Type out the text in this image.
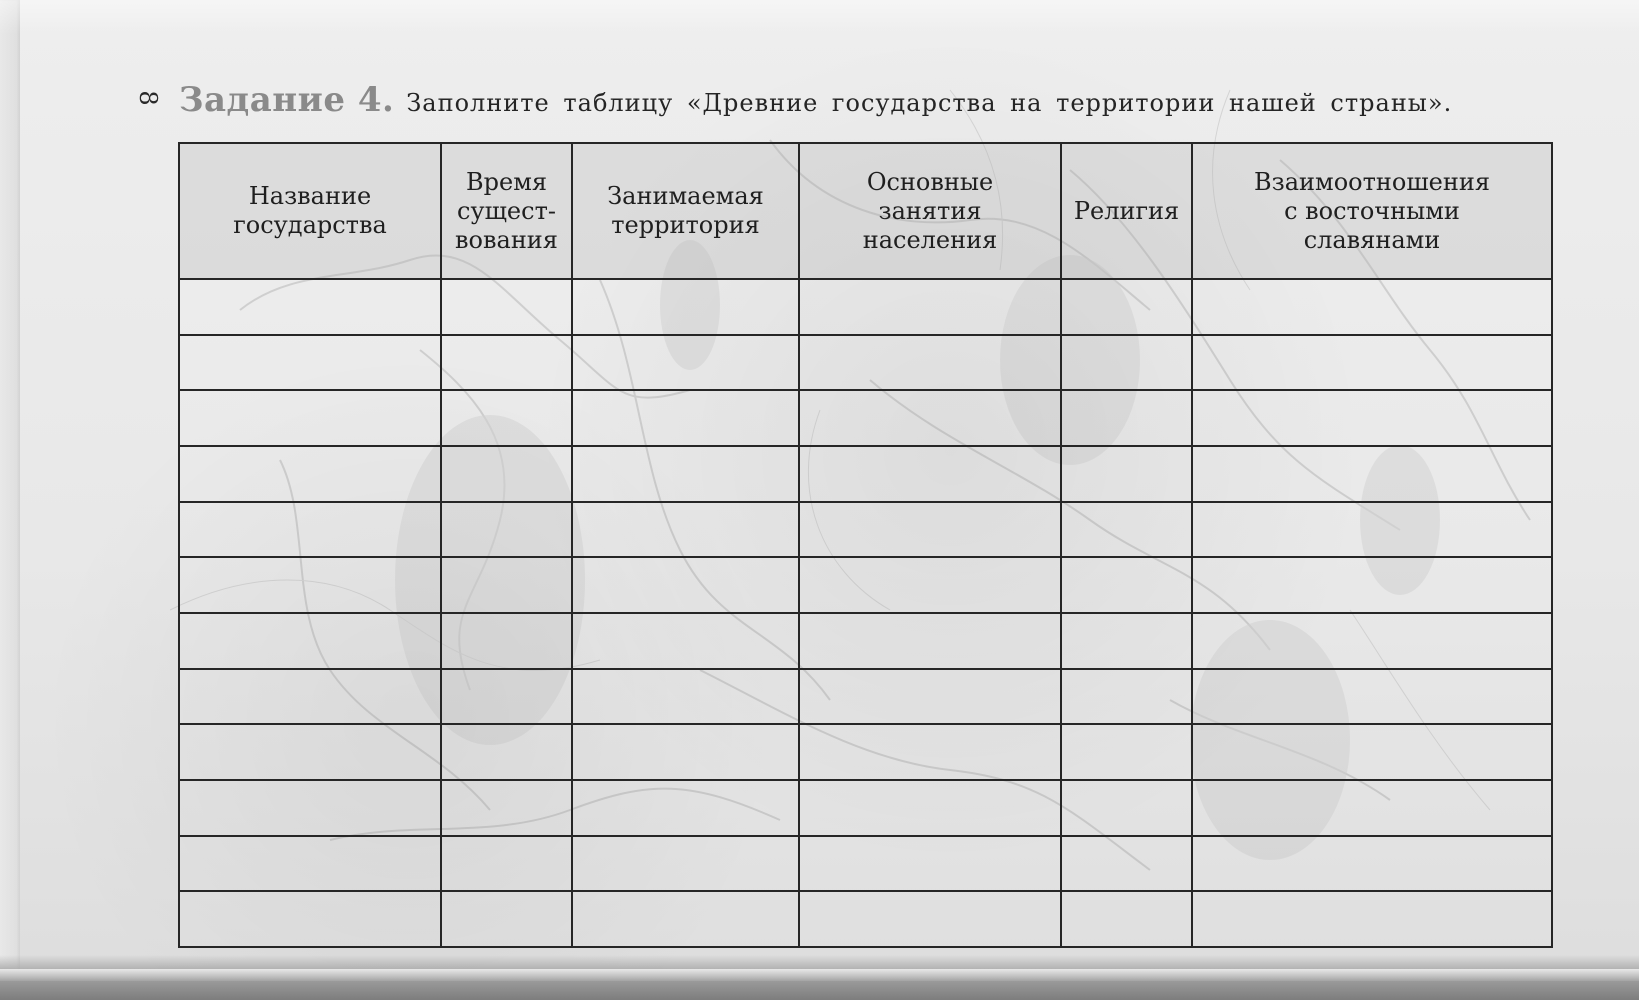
8 Задание 4. Заполните таблицу «Древние государства на территории нашей страны».
Название
государства	Время
сущест-
вования	Занимаемая
территория	Основные
занятия
населения	Религия	Взаимоотношения
с восточными
славянами
